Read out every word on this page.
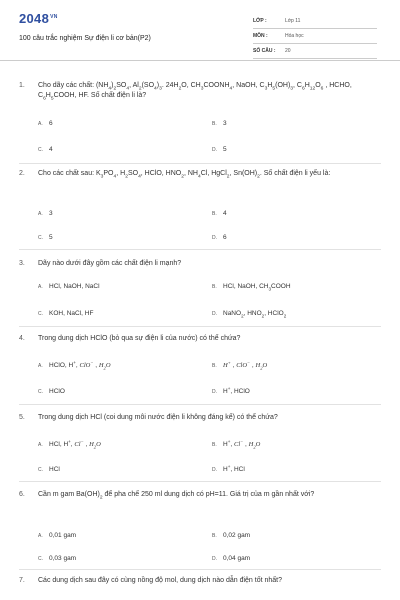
$2048^{VN}$
100 câu trắc nghiệm Sự điện li cơ bản(P2)
LỚP :	Lớp 11
MÔN :	Hóa học
SỐ CÂU :	20
1.	Cho dãy các chất: $(NH_4)_2SO_4$, $Al_2(SO_4)_3$. $24H_2O$, $CH_3COONH_4$, NaOH, $C_3H_5(OH)_3$, $C_6H_{12}O_6$ , HCHO, $C_6H_5COOH$, HF. Số chất điện li là?
A. 6	B. 3
C. 4	D. 5
2.	Cho các chất sau: $K_3PO_4$, $H_2SO_4$, HClO, $HNO_2$, $NH_4Cl$, HgCl$_2$, $Sn(OH)_2$. Số chất điện li yếu là:
A. 3	B. 4
C. 5	D. 6
3.	Dãy nào dưới đây gồm các chất điện li mạnh?
A. HCl, NaOH, NaCl	B. HCl, NaOH, $CH_3COOH$
C. KOH, NaCl, HF	D. NaNO$_2$, $HNO_2$, HClO$_2$
4.	Trong dung dịch HClO (bỏ qua sự điện li của nước) có thể chứa?
A. HClO, H+, ClO− , $H_2O$	B. H+ , ClO− , $H_2O$
C. HClO	D. H+, HClO
5.	Trong dung dịch HCl (coi dung môi nước điện li không đáng kể) có thể chứa?
A. HCl, H+, Cl− , $H_2O$	B. H+, Cl− , $H_2O$
C. HCl	D. H+, HCl
6.	Cần m gam $Ba(OH)_2$ để pha chế 250 ml dung dịch có pH=11. Giá trị của m gần nhất với?
A. 0,01 gam	B. 0,02 gam
C. 0,03 gam	D. 0,04 gam
7.	Các dung dịch sau đây có cùng nồng độ mol, dung dịch nào dẫn điện tốt nhất?
